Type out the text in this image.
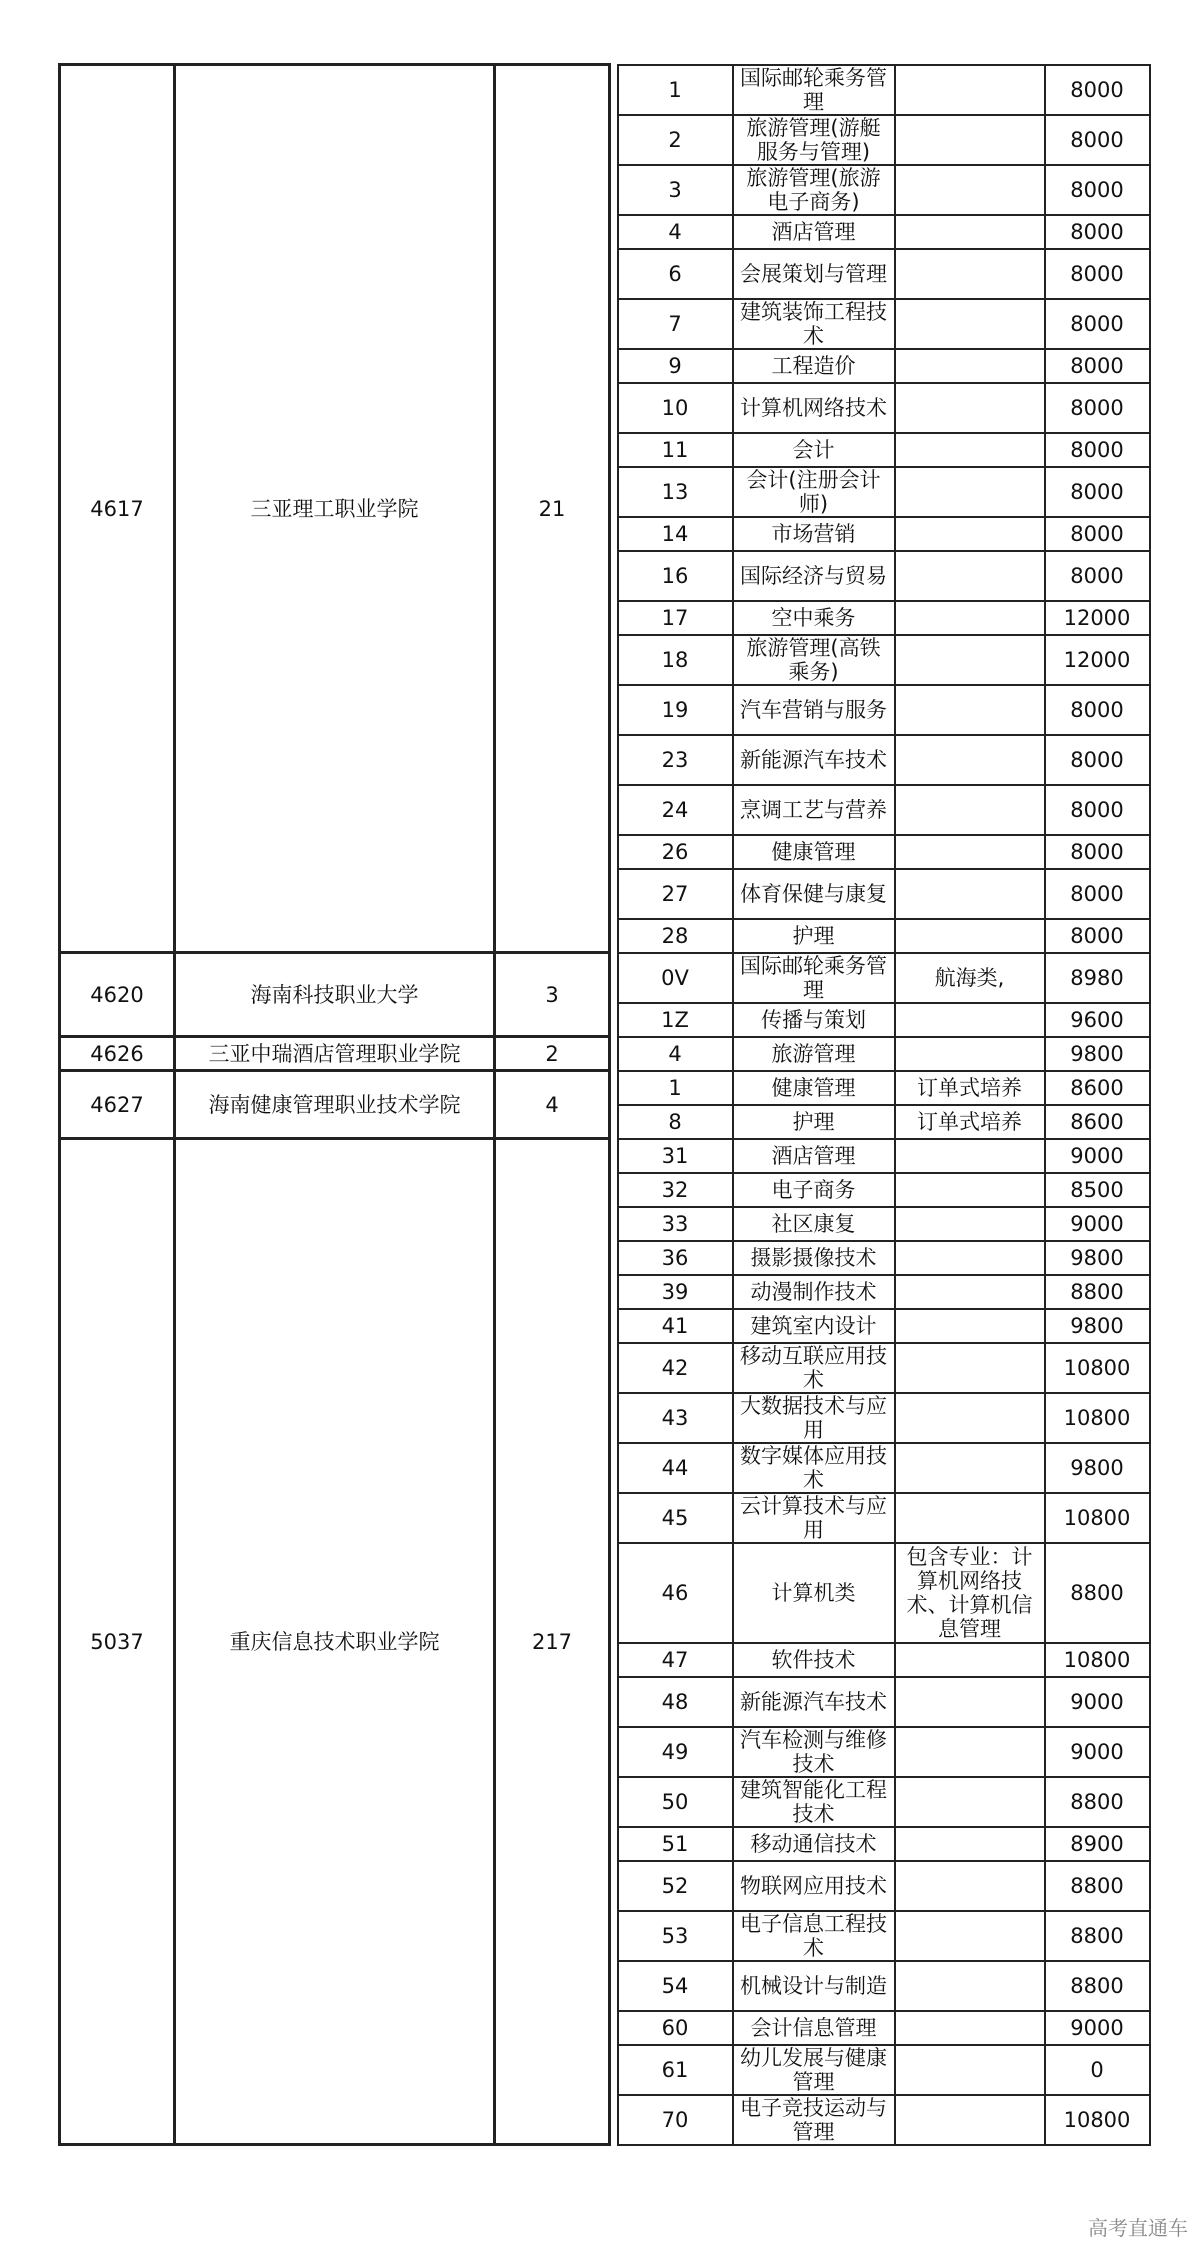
4617	三亚理工职业学院	21		1	国际邮轮乘务管理		8000
				2	旅游管理(游艇服务与管理)		8000
				3	旅游管理(旅游电子商务)		8000
				4	酒店管理		8000
				6	会展策划与管理		8000
				7	建筑装饰工程技术		8000
				9	工程造价		8000
				10	计算机网络技术		8000
				11	会计		8000
				13	会计(注册会计师)		8000
				14	市场营销		8000
				16	国际经济与贸易		8000
				17	空中乘务		12000
				18	旅游管理(高铁乘务)		12000
				19	汽车营销与服务		8000
				23	新能源汽车技术		8000
				24	烹调工艺与营养		8000
				26	健康管理		8000
				27	体育保健与康复		8000
				28	护理		8000
4620	海南科技职业大学	3		0V	国际邮轮乘务管理	航海类,	8980
				1Z	传播与策划		9600
4626	三亚中瑞酒店管理职业学院	2		4	旅游管理		9800
4627	海南健康管理职业技术学院	4		1	健康管理	订单式培养	8600
				8	护理	订单式培养	8600
5037	重庆信息技术职业学院	217		31	酒店管理		9000
				32	电子商务		8500
				33	社区康复		9000
				36	摄影摄像技术		9800
				39	动漫制作技术		8800
				41	建筑室内设计		9800
				42	移动互联应用技术		10800
				43	大数据技术与应用		10800
				44	数字媒体应用技术		9800
				45	云计算技术与应用		10800
				46	计算机类	包含专业：计算机网络技术、计算机信息管理	8800
				47	软件技术		10800
				48	新能源汽车技术		9000
				49	汽车检测与维修技术		9000
				50	建筑智能化工程技术		8800
				51	移动通信技术		8900
				52	物联网应用技术		8800
				53	电子信息工程技术		8800
				54	机械设计与制造		8800
				60	会计信息管理		9000
				61	幼儿发展与健康管理		0
				70	电子竞技运动与管理		10800
高考直通车
